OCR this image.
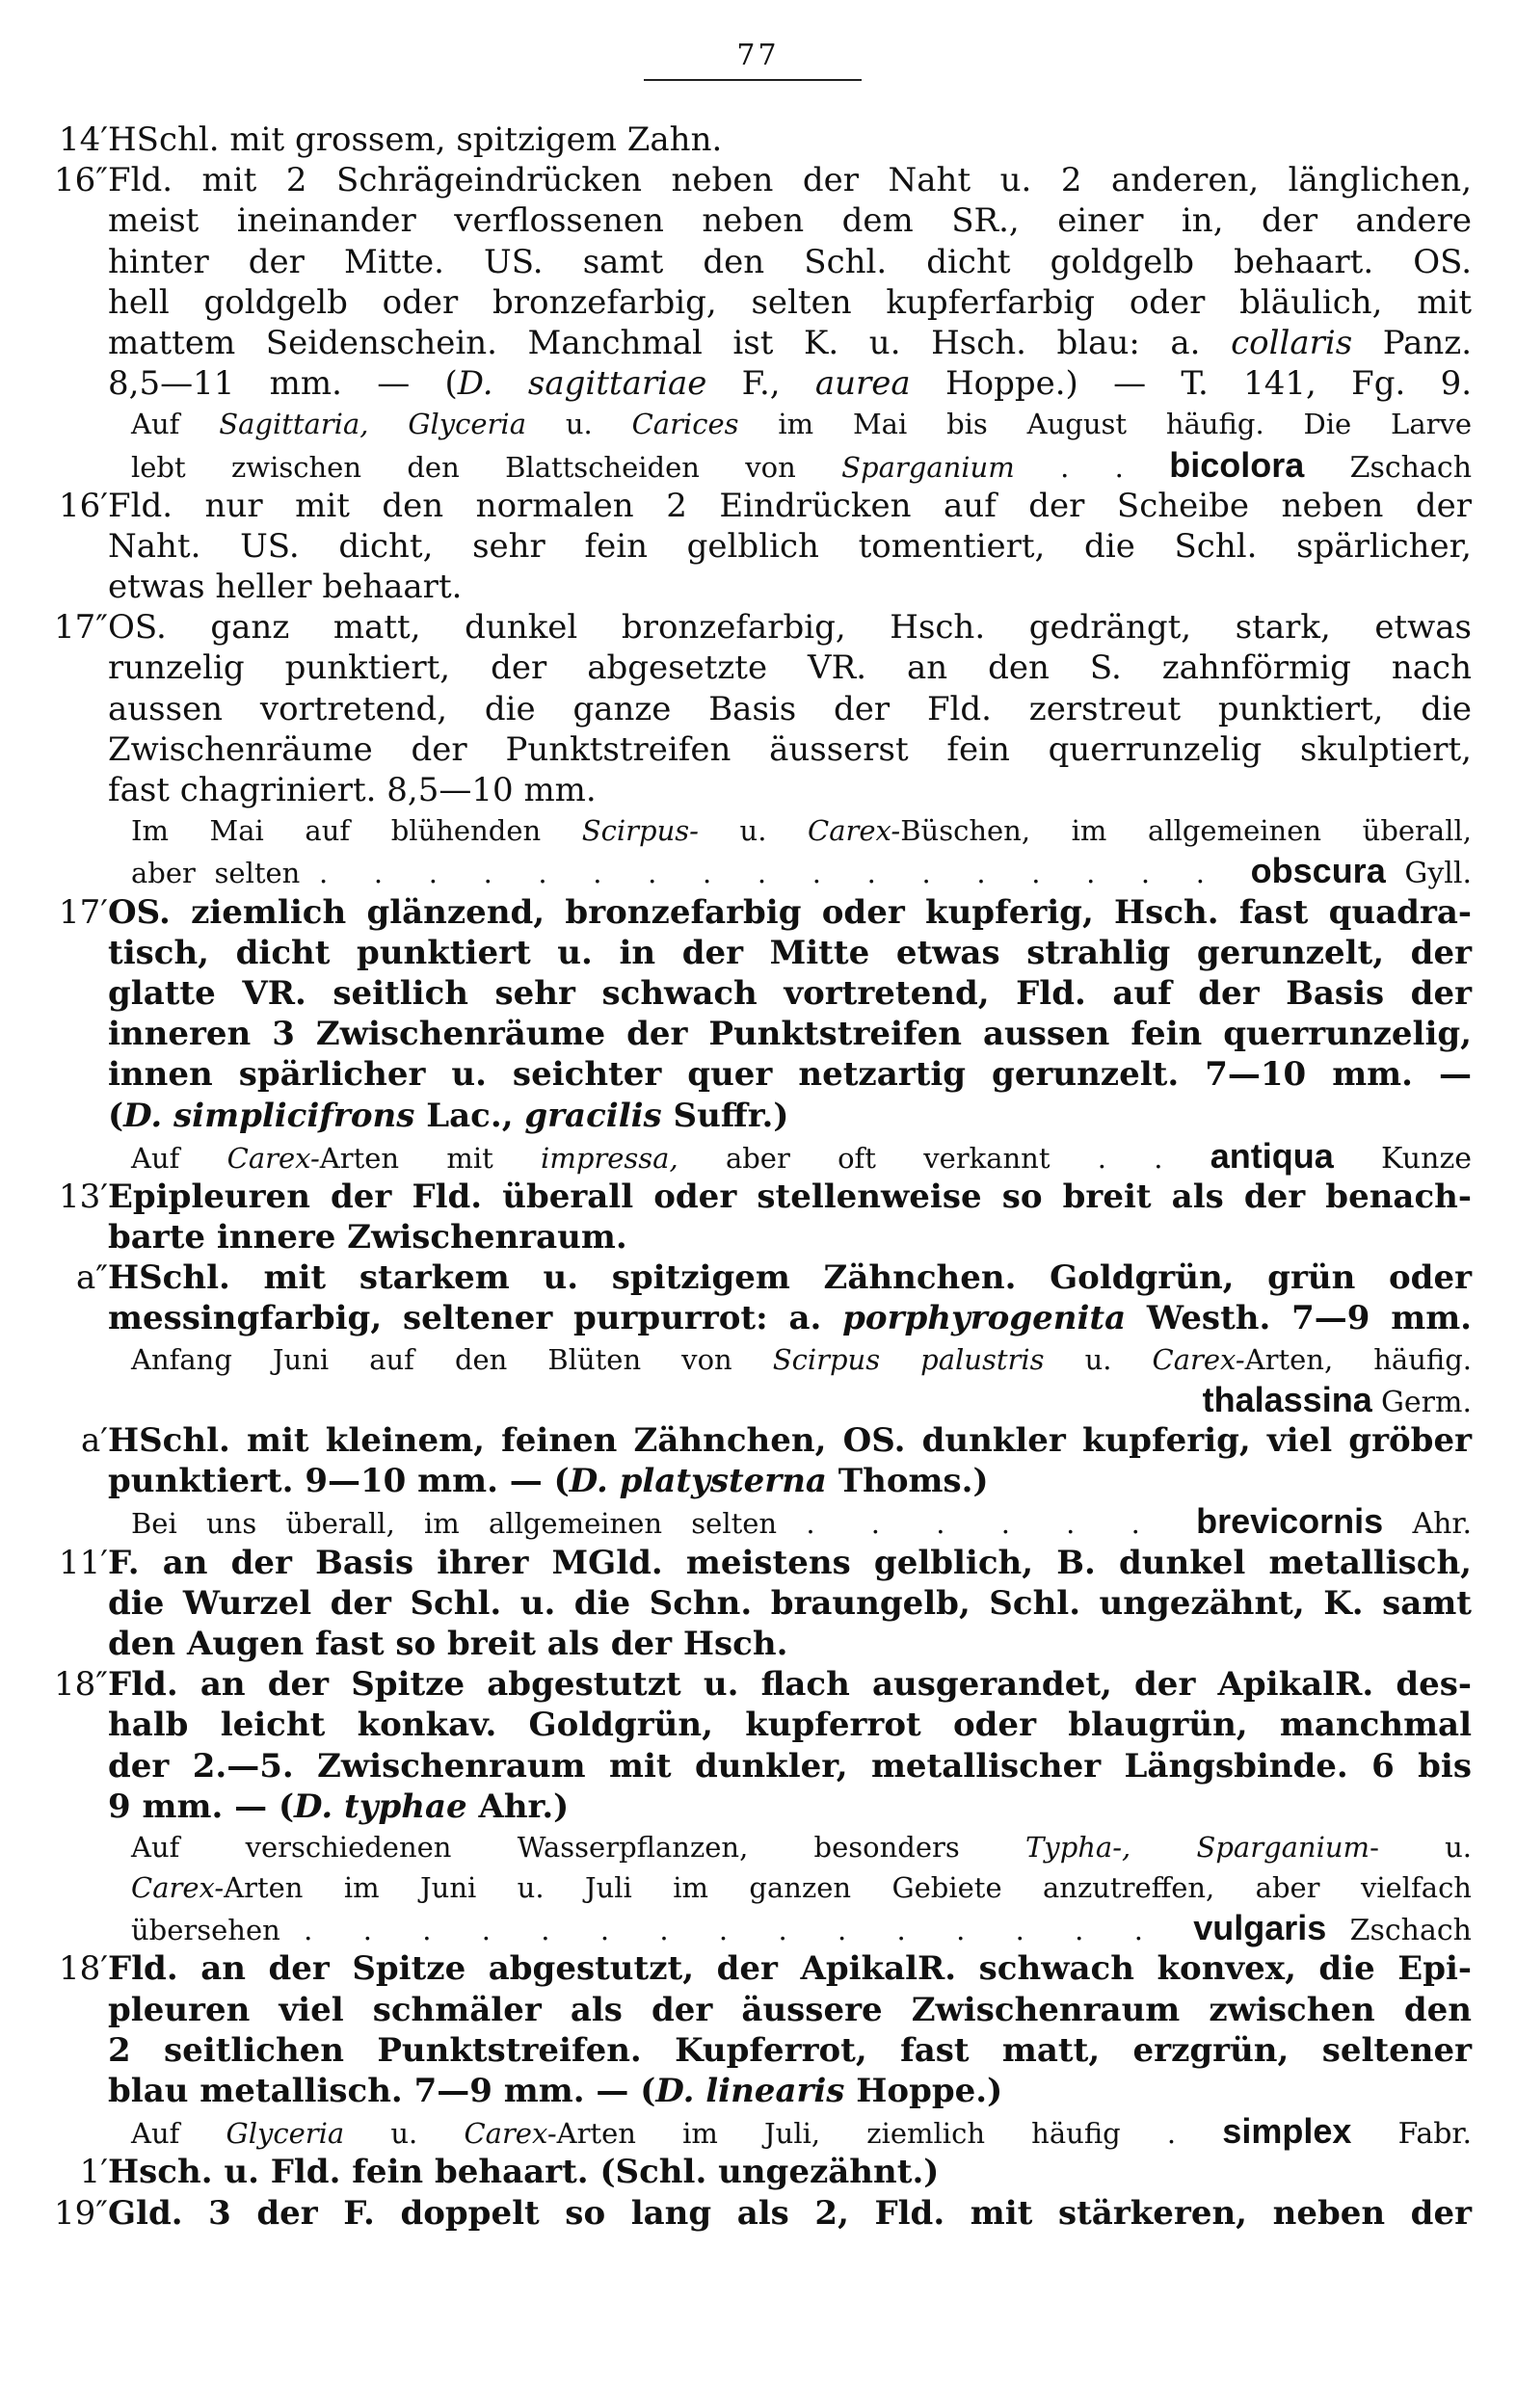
77
14′ HSchl. mit grossem, spitzigem Zahn.
16″ Fld. mit 2 Schrägeindrücken neben der Naht u. 2 anderen, länglichen,
meist ineinander verflossenen neben dem SR., einer in, der andere
hinter der Mitte. US. samt den Schl. dicht goldgelb behaart. OS.
hell goldgelb oder bronzefarbig, selten kupferfarbig oder bläulich, mit
mattem Seidenschein. Manchmal ist K. u. Hsch. blau: a. collaris Panz.
8,5—11 mm. — (D. sagittariae F., aurea Hoppe.) — T. 141, Fg. 9.
Auf Sagittaria, Glyceria u. Carices im Mai bis August häufig. Die Larve
lebt zwischen den Blattscheiden von Sparganium . . bicolora Zschach
16′ Fld. nur mit den normalen 2 Eindrücken auf der Scheibe neben der
Naht. US. dicht, sehr fein gelblich tomentiert, die Schl. spärlicher,
etwas heller behaart.
17″ OS. ganz matt, dunkel bronzefarbig, Hsch. gedrängt, stark, etwas
runzelig punktiert, der abgesetzte VR. an den S. zahnförmig nach
aussen vortretend, die ganze Basis der Fld. zerstreut punktiert, die
Zwischenräume der Punktstreifen äusserst fein querrunzelig skulptiert,
fast chagriniert. 8,5—10 mm.
Im Mai auf blühenden Scirpus- u. Carex-Büschen, im allgemeinen überall,
aber selten . . . . . . . . . . . . . . . . . obscura Gyll.
17′ OS. ziemlich glänzend, bronzefarbig oder kupferig, Hsch. fast quadra-
tisch, dicht punktiert u. in der Mitte etwas strahlig gerunzelt, der
glatte VR. seitlich sehr schwach vortretend, Fld. auf der Basis der
inneren 3 Zwischenräume der Punktstreifen aussen fein querrunzelig,
innen spärlicher u. seichter quer netzartig gerunzelt. 7—10 mm. —
(D. simplicifrons Lac., gracilis Suffr.)
Auf Carex-Arten mit impressa, aber oft verkannt . . antiqua Kunze
13′ Epipleuren der Fld. überall oder stellenweise so breit als der benach-
barte innere Zwischenraum.
a″ HSchl. mit starkem u. spitzigem Zähnchen. Goldgrün, grün oder
messingfarbig, seltener purpurrot: a. porphyrogenita Westh. 7—9 mm.
Anfang Juni auf den Blüten von Scirpus palustris u. Carex-Arten, häufig.
thalassina Germ.
a′ HSchl. mit kleinem, feinen Zähnchen, OS. dunkler kupferig, viel gröber
punktiert. 9—10 mm. — (D. platysterna Thoms.)
Bei uns überall, im allgemeinen selten . . . . . . brevicornis Ahr.
11′ F. an der Basis ihrer MGld. meistens gelblich, B. dunkel metallisch,
die Wurzel der Schl. u. die Schn. braungelb, Schl. ungezähnt, K. samt
den Augen fast so breit als der Hsch.
18″ Fld. an der Spitze abgestutzt u. flach ausgerandet, der ApikalR. des-
halb leicht konkav. Goldgrün, kupferrot oder blaugrün, manchmal
der 2.—5. Zwischenraum mit dunkler, metallischer Längsbinde. 6 bis
9 mm. — (D. typhae Ahr.)
Auf verschiedenen Wasserpflanzen, besonders Typha-, Sparganium- u.
Carex-Arten im Juni u. Juli im ganzen Gebiete anzutreffen, aber vielfach
übersehen . . . . . . . . . . . . . . . vulgaris Zschach
18′ Fld. an der Spitze abgestutzt, der ApikalR. schwach konvex, die Epi-
pleuren viel schmäler als der äussere Zwischenraum zwischen den
2 seitlichen Punktstreifen. Kupferrot, fast matt, erzgrün, seltener
blau metallisch. 7—9 mm. — (D. linearis Hoppe.)
Auf Glyceria u. Carex-Arten im Juli, ziemlich häufig . simplex Fabr.
1′ Hsch. u. Fld. fein behaart. (Schl. ungezähnt.)
19″ Gld. 3 der F. doppelt so lang als 2, Fld. mit stärkeren, neben der
